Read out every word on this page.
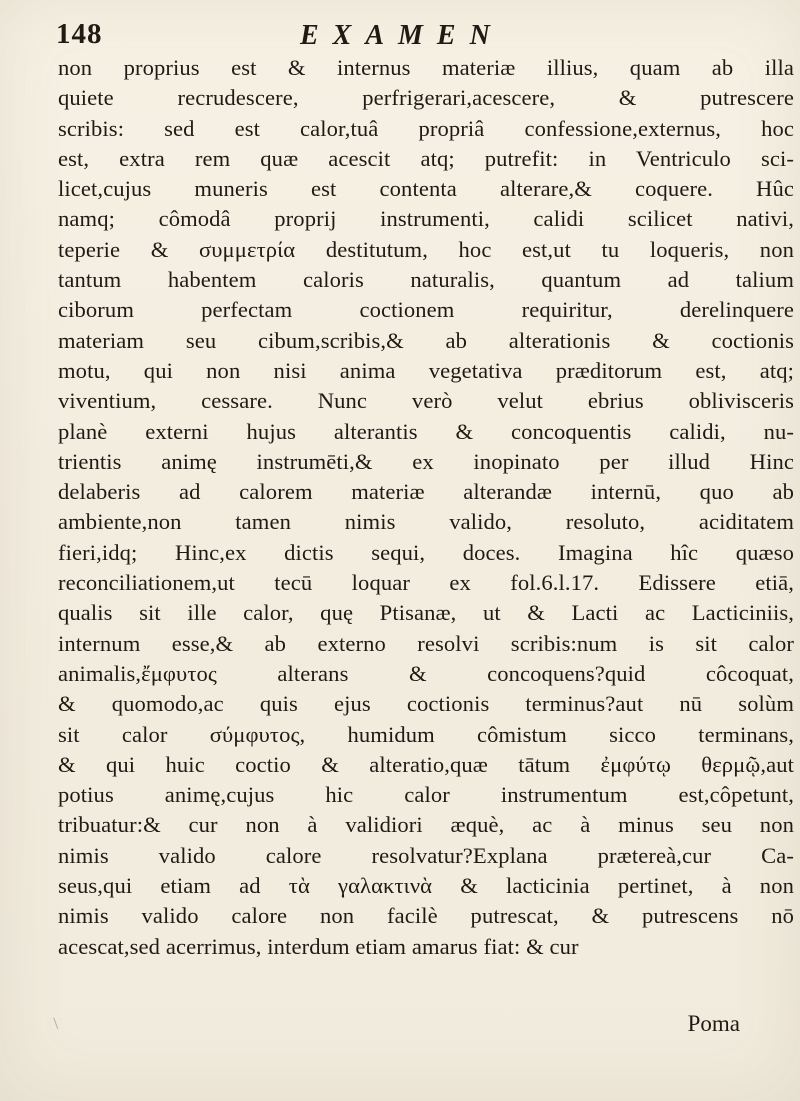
148	EXAMEN
non proprius est & internus materiæ illius, quam ab illa
quiete recrudescere, perfrigerari,acescere, & putrescere
scribis: sed est calor,tuâ propriâ confessione,externus, hoc
est, extra rem quæ acescit atq; putrefit: in Ventriculo sci-
licet,cujus muneris est contenta alterare,& coquere. Hûc
namq; cômodâ proprij instrumenti, calidi scilicet nativi,
teperie & συμμετρία destitutum, hoc est,ut tu loqueris, non
tantum habentem caloris naturalis, quantum ad talium
ciborum perfectam coctionem requiritur, derelinquere
materiam seu cibum,scribis,& ab alterationis & coctionis
motu, qui non nisi anima vegetativa præditorum est, atq;
viventium, cessare. Nunc verò velut ebrius oblivisceris
planè externi hujus alterantis & concoquentis calidi, nu-
trientis animę instrumēti,& ex inopinato per illud Hinc
delaberis ad calorem materiæ alterandæ internū, quo ab
ambiente,non tamen nimis valido, resoluto, aciditatem
fieri,idq; Hinc,ex dictis sequi, doces. Imagina hîc quæso
reconciliationem,ut tecū loquar ex fol.6.l.17. Edissere etiā,
qualis sit ille calor, quę Ptisanæ, ut & Lacti ac Lacticiniis,
internum esse,& ab externo resolvi scribis:num is sit calor
animalis,ἔμφυτος alterans & concoquens?quid côcoquat,
& quomodo,ac quis ejus coctionis terminus?aut nū solùm
sit calor σύμφυτος, humidum cômistum sicco terminans,
& qui huic coctio & alteratio,quæ tātum ἐμφύτῳ θερμῷ,aut
potius animę,cujus hic calor instrumentum est,côpetunt,
tribuatur:& cur non à validiori æquè, ac à minus seu non
nimis valido calore resolvatur?Explana prætereà,cur Ca-
seus,qui etiam ad τὰ γαλακτινὰ & lacticinia pertinet, à non
nimis valido calore non facilè putrescat, & putrescens nō
acescat,sed acerrimus, interdum etiam amarus fiat: & cur
Poma
